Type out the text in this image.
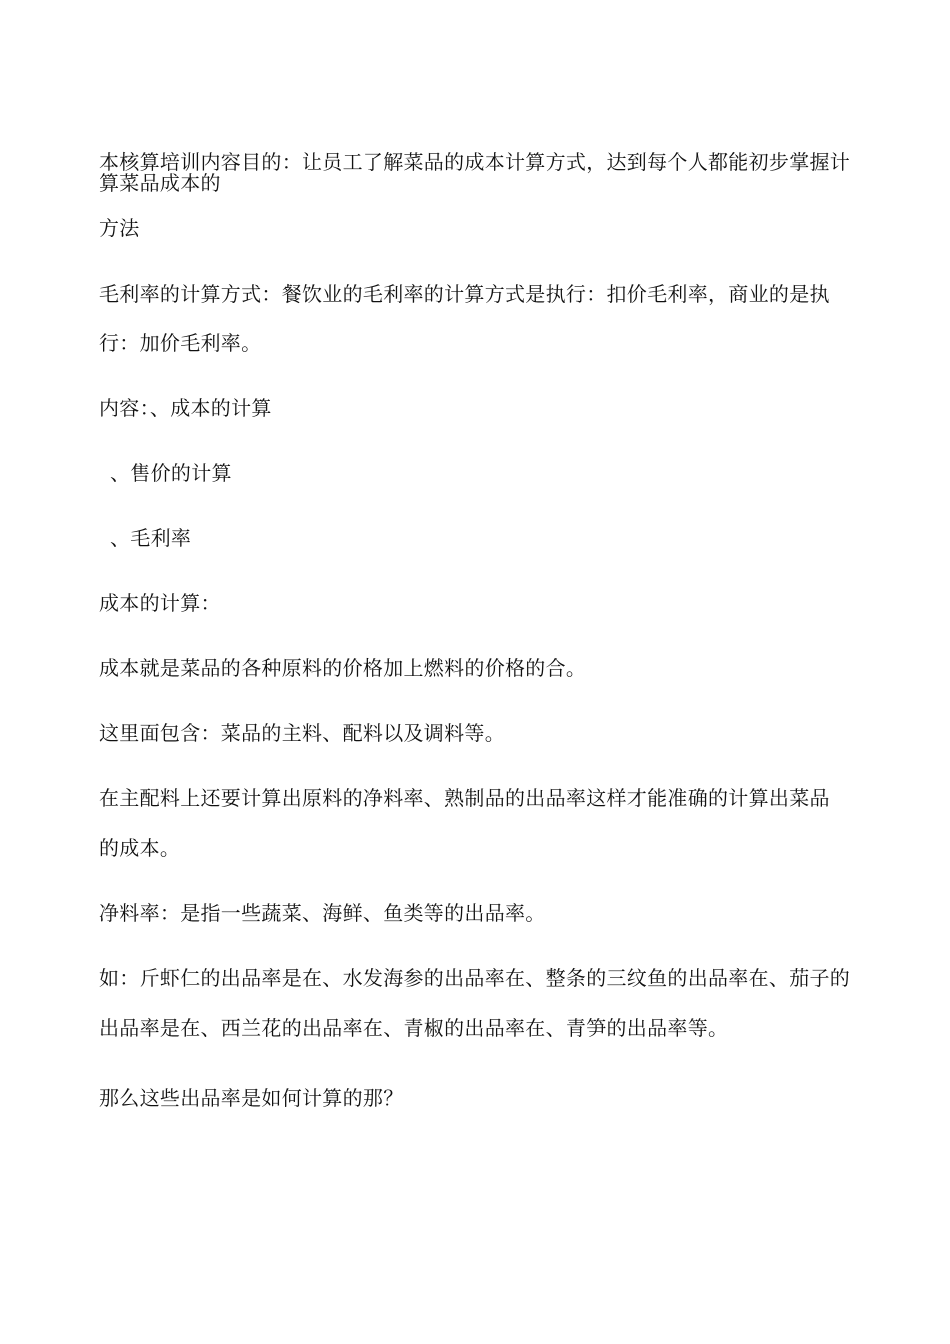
本核算培训内容目的：让员工了解菜品的成本计算方式，达到每个人都能初步掌握计
算菜品成本的
方法
毛利率的计算方式：餐饮业的毛利率的计算方式是执行：扣价毛利率，商业的是执
行：加价毛利率。
内容：、成本的计算
、售价的计算
、毛利率
成本的计算：
成本就是菜品的各种原料的价格加上燃料的价格的合。
这里面包含：菜品的主料、配料以及调料等。
在主配料上还要计算出原料的净料率、熟制品的出品率这样才能准确的计算出菜品
的成本。
净料率：是指一些蔬菜、海鲜、鱼类等的出品率。
如：斤虾仁的出品率是在、水发海参的出品率在、整条的三纹鱼的出品率在、茄子的
出品率是在、西兰花的出品率在、青椒的出品率在、青笋的出品率等。
那么这些出品率是如何计算的那？
